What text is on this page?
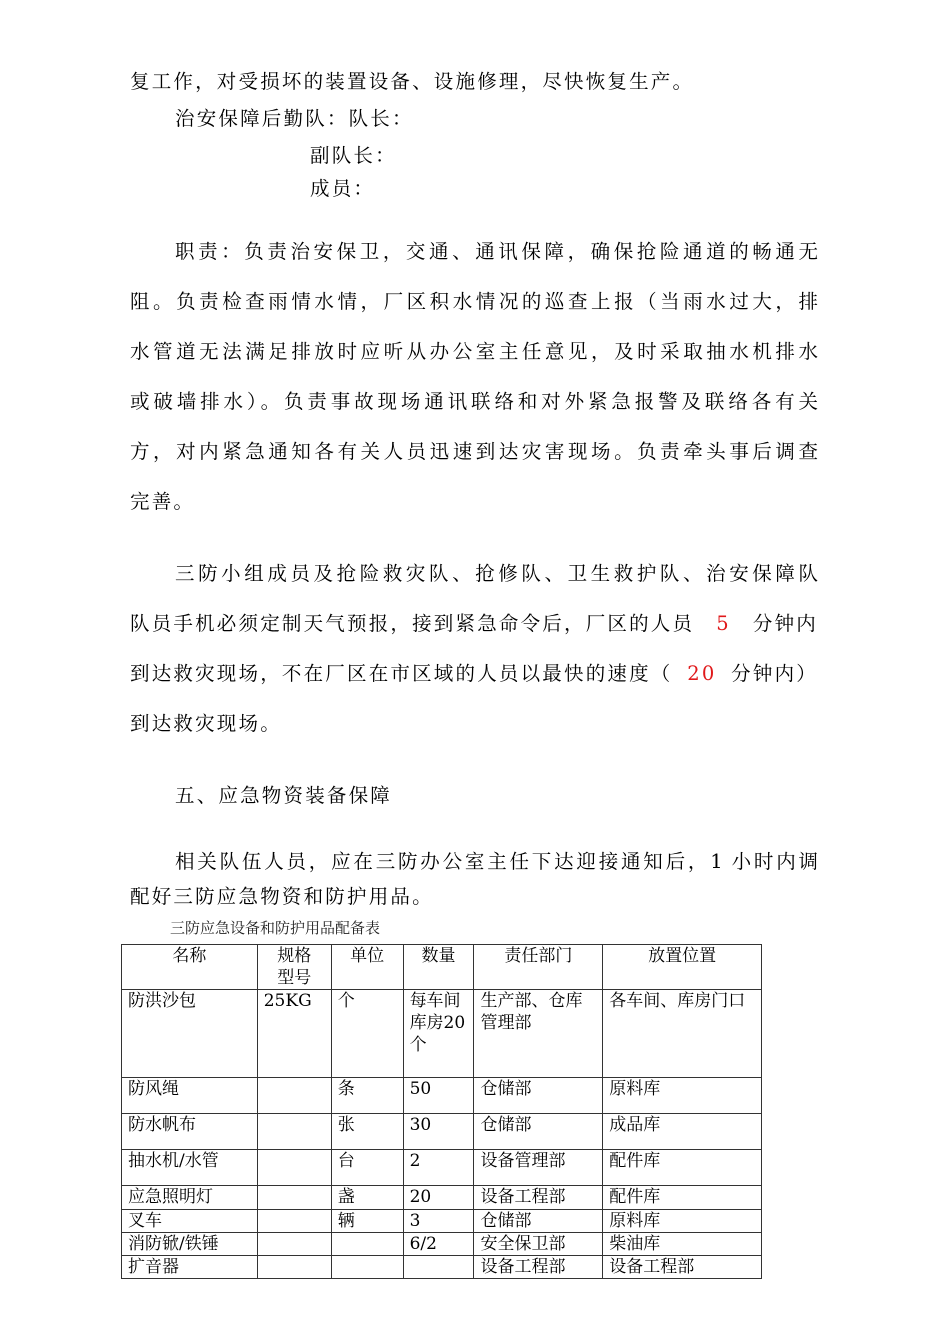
复工作，对受损坏的装置设备、设施修理，尽快恢复生产。
治安保障后勤队：队长：
副队长：
成员：
职责：负责治安保卫，交通、通讯保障，确保抢险通道的畅通无
阻。负责检查雨情水情，厂区积水情况的巡查上报（当雨水过大，排
水管道无法满足排放时应听从办公室主任意见，及时采取抽水机排水
或破墙排水）。负责事故现场通讯联络和对外紧急报警及联络各有关
方，对内紧急通知各有关人员迅速到达灾害现场。负责牵头事后调查
完善。
三防小组成员及抢险救灾队、抢修队、卫生救护队、治安保障队
队员手机必须定制天气预报，接到紧急命令后，厂区的人员 5 分钟内
到达救灾现场，不在厂区在市区域的人员以最快的速度（ 20 分钟内）
到达救灾现场。
五、应急物资装备保障
相关队伍人员，应在三防办公室主任下达迎接通知后，1 小时内调
配好三防应急物资和防护用品。
三防应急设备和防护用品配备表
名称	规格型号	单位	数量	责任部门	放置位置
防洪沙包	25KG	个	每车间库房20个	生产部、仓库管理部	各车间、库房门口
防风绳		条	50	仓储部	原料库
防水帆布		张	30	仓储部	成品库
抽水机/水管		台	2	设备管理部	配件库
应急照明灯		盏	20	设备工程部	配件库
叉车		辆	3	仓储部	原料库
消防锨/铁锤			6/2	安全保卫部	柴油库
扩音器				设备工程部	设备工程部
